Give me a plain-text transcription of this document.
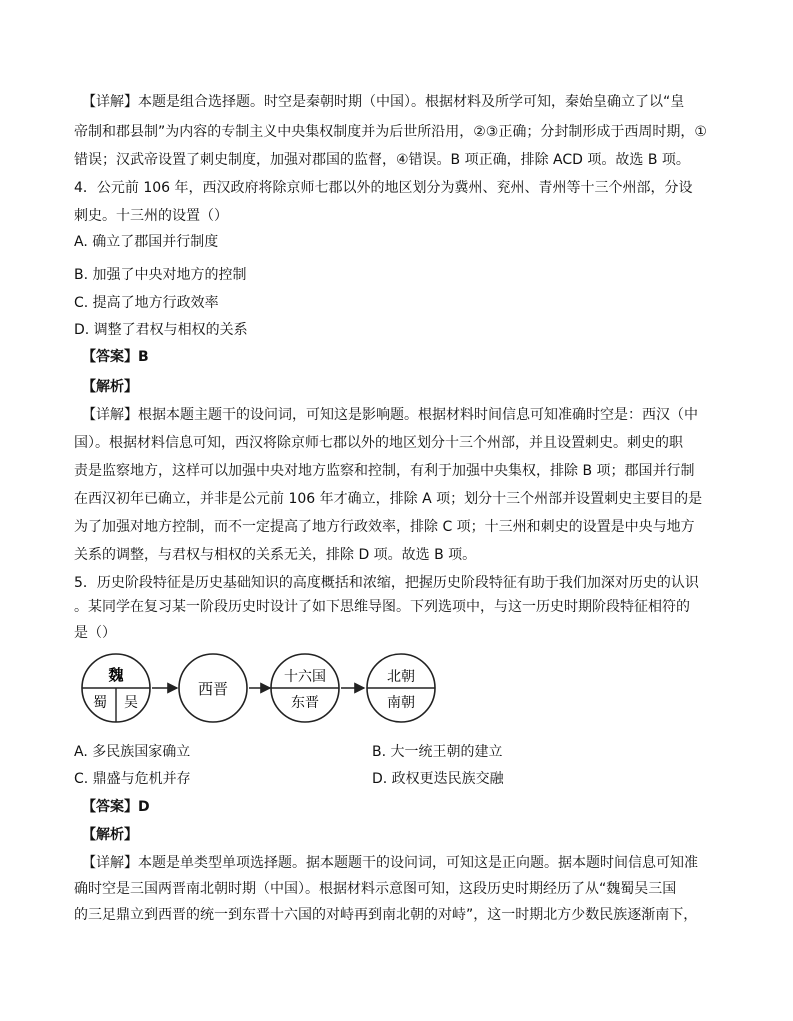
【详解】本题是组合选择题。时空是秦朝时期（中国）。根据材料及所学可知，秦始皇确立了以“皇
帝制和郡县制”为内容的专制主义中央集权制度并为后世所沿用，②③正确；分封制形成于西周时期，①
错误；汉武帝设置了刺史制度，加强对郡国的监督，④错误。B 项正确，排除 ACD 项。故选 B 项。
4．公元前 106 年，西汉政府将除京师七郡以外的地区划分为冀州、兖州、青州等十三个州部，分设
刺史。十三州的设置（）
A. 确立了郡国并行制度
B. 加强了中央对地方的控制
C. 提高了地方行政效率
D. 调整了君权与相权的关系
【答案】B
【解析】
【详解】根据本题主题干的设问词，可知这是影响题。根据材料时间信息可知准确时空是：西汉（中
国）。根据材料信息可知，西汉将除京师七郡以外的地区划分十三个州部，并且设置刺史。刺史的职
责是监察地方，这样可以加强中央对地方监察和控制，有利于加强中央集权，排除 B 项；郡国并行制
在西汉初年已确立，并非是公元前 106 年才确立，排除 A 项；划分十三个州部并设置刺史主要目的是
为了加强对地方控制，而不一定提高了地方行政效率，排除 C 项；十三州和刺史的设置是中央与地方
关系的调整，与君权与相权的关系无关，排除 D 项。故选 B 项。
5．历史阶段特征是历史基础知识的高度概括和浓缩，把握历史阶段特征有助于我们加深对历史的认识
。某同学在复习某一阶段历史时设计了如下思维导图。下列选项中，与这一历史时期阶段特征相符的
是（）
魏
蜀 吴
西晋
十六国
东晋
北朝
南朝
A. 多民族国家确立	B. 大一统王朝的建立
C. 鼎盛与危机并存	D. 政权更迭民族交融
【答案】D
【解析】
【详解】本题是单类型单项选择题。据本题题干的设问词，可知这是正向题。据本题时间信息可知准
确时空是三国两晋南北朝时期（中国）。根据材料示意图可知，这段历史时期经历了从“魏蜀吴三国
的三足鼎立到西晋的统一到东晋十六国的对峙再到南北朝的对峙”，这一时期北方少数民族逐渐南下，
